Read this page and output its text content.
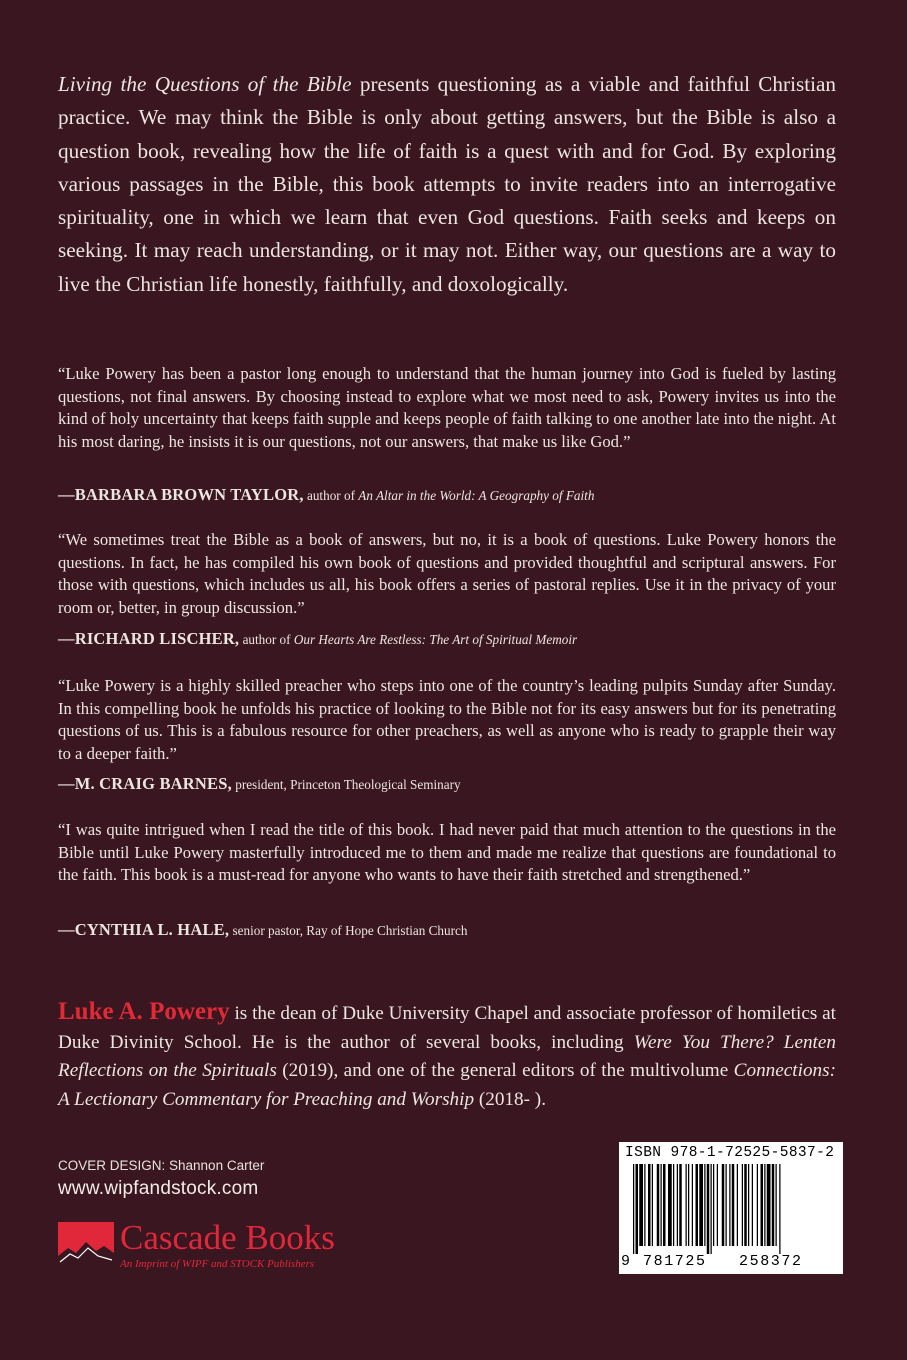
Living the Questions of the Bible presents questioning as a viable and faithful Christian practice. We may think the Bible is only about getting answers, but the Bible is also a question book, revealing how the life of faith is a quest with and for God. By exploring various passages in the Bible, this book attempts to invite readers into an interrogative spirituality, one in which we learn that even God questions. Faith seeks and keeps on seeking. It may reach understanding, or it may not. Either way, our questions are a way to live the Christian life honestly, faithfully, and doxologically.

“Luke Powery has been a pastor long enough to understand that the human journey into God is fueled by lasting questions, not final answers. By choosing instead to explore what we most need to ask, Powery invites us into the kind of holy uncertainty that keeps faith supple and keeps people of faith talking to one another late into the night. At his most daring, he insists it is our questions, not our answers, that make us like God.”

—BARBARA BROWN TAYLOR, author of An Altar in the World: A Geography of Faith

“We sometimes treat the Bible as a book of answers, but no, it is a book of questions. Luke Powery honors the questions. In fact, he has compiled his own book of questions and provided thoughtful and scriptural answers. For those with questions, which includes us all, his book offers a series of pastoral replies. Use it in the privacy of your room or, better, in group discussion.”

—RICHARD LISCHER, author of Our Hearts Are Restless: The Art of Spiritual Memoir

“Luke Powery is a highly skilled preacher who steps into one of the country’s leading pulpits Sunday after Sunday. In this compelling book he unfolds his practice of looking to the Bible not for its easy answers but for its penetrating questions of us. This is a fabulous resource for other preachers, as well as anyone who is ready to grapple their way to a deeper faith.”

—M. CRAIG BARNES, president, Princeton Theological Seminary

“I was quite intrigued when I read the title of this book. I had never paid that much attention to the questions in the Bible until Luke Powery masterfully introduced me to them and made me realize that questions are foundational to the faith. This book is a must-read for anyone who wants to have their faith stretched and strengthened.”

—CYNTHIA L. HALE, senior pastor, Ray of Hope Christian Church

Luke A. Powery is the dean of Duke University Chapel and associate professor of homiletics at Duke Divinity School. He is the author of several books, including Were You There? Lenten Reflections on the Spirituals (2019), and one of the general editors of the multivolume Connections: A Lectionary Commentary for Preaching and Worship (2018- ).

COVER DESIGN: Shannon Carter
www.wipfandstock.com
Cascade Books
An Imprint of WIPF and STOCK Publishers
ISBN 978-1-72525-5837-2
9 781725 258372
